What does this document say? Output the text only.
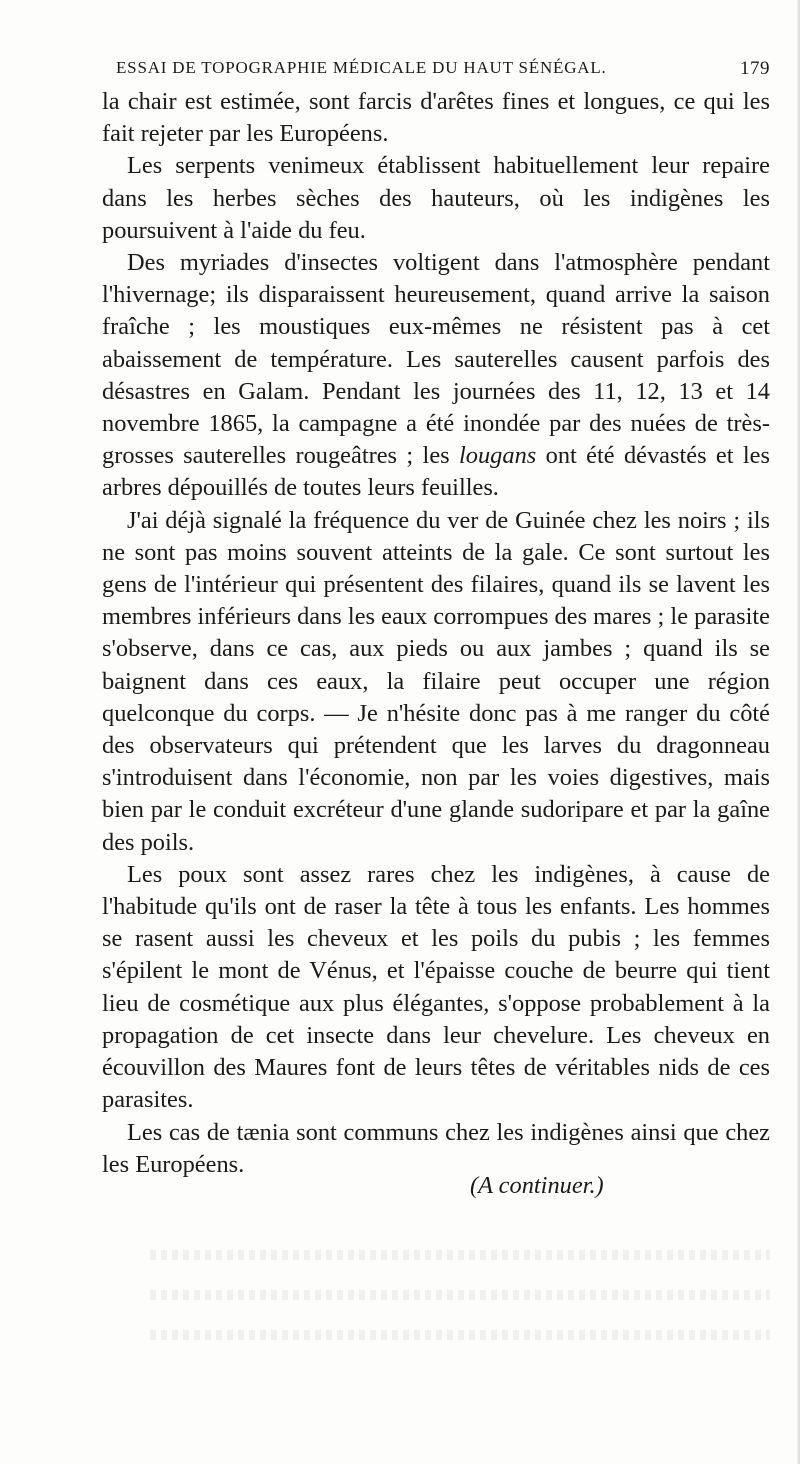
ESSAI DE TOPOGRAPHIE MÉDICALE DU HAUT SÉNÉGAL.	179

la chair est estimée, sont farcis d'arêtes fines et longues, ce qui les fait rejeter par les Européens.

Les serpents venimeux établissent habituellement leur repaire dans les herbes sèches des hauteurs, où les indigènes les poursuivent à l'aide du feu.

Des myriades d'insectes voltigent dans l'atmosphère pendant l'hivernage; ils disparaissent heureusement, quand arrive la saison fraîche ; les moustiques eux-mêmes ne résistent pas à cet abaissement de température. Les sauterelles causent parfois des désastres en Galam. Pendant les journées des 11, 12, 13 et 14 novembre 1865, la campagne a été inondée par des nuées de très-grosses sauterelles rougeâtres ; les lougans ont été dévastés et les arbres dépouillés de toutes leurs feuilles.

J'ai déjà signalé la fréquence du ver de Guinée chez les noirs ; ils ne sont pas moins souvent atteints de la gale. Ce sont surtout les gens de l'intérieur qui présentent des filaires, quand ils se lavent les membres inférieurs dans les eaux corrompues des mares ; le parasite s'observe, dans ce cas, aux pieds ou aux jambes ; quand ils se baignent dans ces eaux, la filaire peut occuper une région quelconque du corps. — Je n'hésite donc pas à me ranger du côté des observateurs qui prétendent que les larves du dragonneau s'introduisent dans l'économie, non par les voies digestives, mais bien par le conduit excréteur d'une glande sudoripare et par la gaîne des poils.

Les poux sont assez rares chez les indigènes, à cause de l'habitude qu'ils ont de raser la tête à tous les enfants. Les hommes se rasent aussi les cheveux et les poils du pubis ; les femmes s'épilent le mont de Vénus, et l'épaisse couche de beurre qui tient lieu de cosmétique aux plus élégantes, s'oppose probablement à la propagation de cet insecte dans leur chevelure. Les cheveux en écouvillon des Maures font de leurs têtes de véritables nids de ces parasites.

Les cas de tænia sont communs chez les indigènes ainsi que chez les Européens.

(A continuer.)
